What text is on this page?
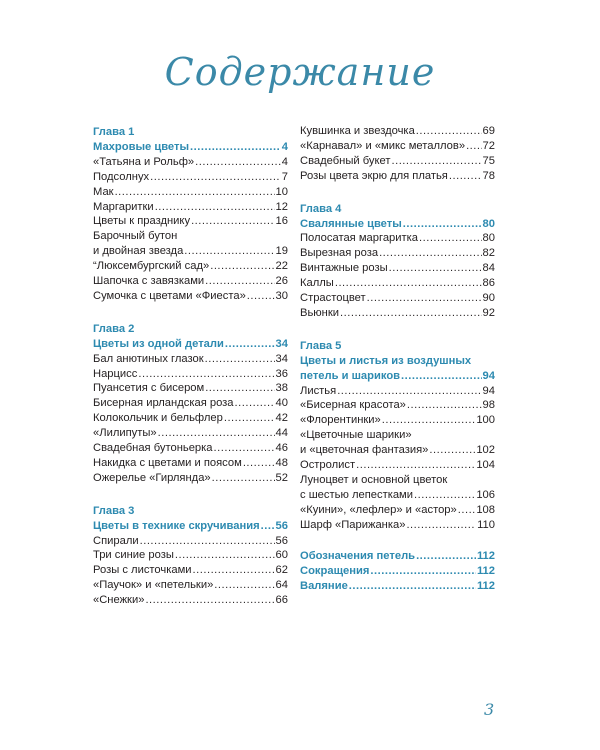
Содержание
Глава 1
Махровые цветы .....	4
«Татьяна и Рольф» .....	4
Подсолнух .....	7
Мак .....	10
Маргаритки .....	12
Цветы к празднику .....	16
Барочный бутон
и двойная звезда .....	19
“Люксембургский сад» .....	22
Шапочка с завязками .....	26
Сумочка с цветами «Фиеста» .....	30
Глава 2
Цветы из одной детали .....	34
Бал анютиных глазок .....	34
Нарцисс .....	36
Пуансетия с бисером .....	38
Бисерная ирландская роза .....	40
Колокольчик и бельфлер .....	42
«Лилипуты» .....	44
Свадебная бутоньерка .....	46
Накидка с цветами и поясом .....	48
Ожерелье «Гирлянда» .....	52
Глава 3
Цветы в технике скручивания ..... 56
Спирали .....	56
Три синие розы .....	60
Розы с листочками .....	62
«Паучок» и «петельки» .....	64
«Снежки» .....	66
Кувшинка и звездочка .....	69
«Карнавал» и «микс металлов» ..... 72
Свадебный букет .....	75
Розы цвета экрю для платья .....	78
Глава 4
Свалянные цветы .....	80
Полосатая маргаритка .....	80
Вырезная роза .....	82
Винтажные розы .....	84
Каллы .....	86
Страстоцвет .....	90
Вьюнки .....	92
Глава 5
Цветы и листья из воздушных
петель и шариков .....	94
Листья .....	94
«Бисерная красота» .....	98
«Флорентинки» .....	100
«Цветочные шарики»
и «цветочная фантазия» .....	102
Остролист .....	104
Луноцвет и основной цветок
с шестью лепестками .....	106
«Куини», «лефлер» и «астор» ..... 108
Шарф «Парижанка» .....	110
Обозначения петель .....	112
Сокращения .....	112
Валяние .....	112
3
